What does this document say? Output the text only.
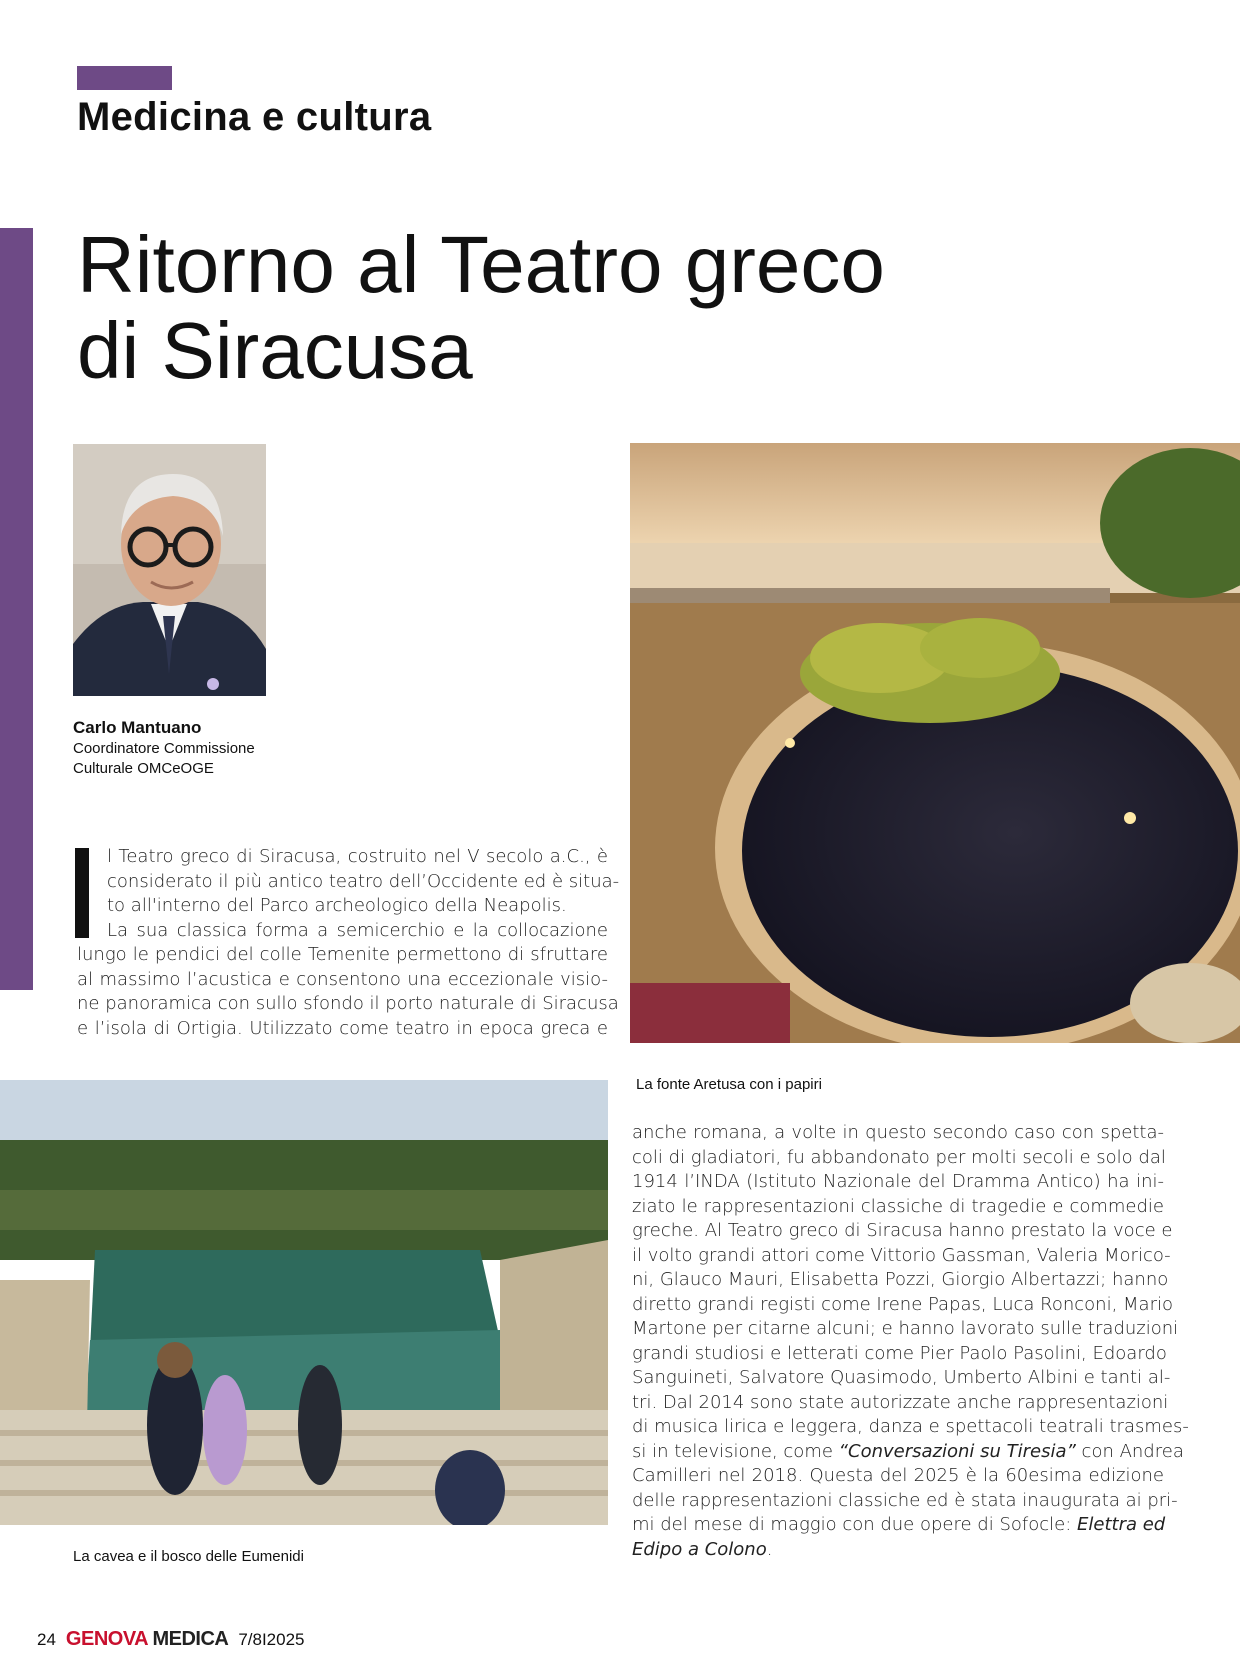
Medicina e cultura
Ritorno al Teatro greco
di Siracusa
Carlo Mantuano
Coordinatore Commissione
Culturale OMCeOGE
l Teatro greco di Siracusa, costruito nel V secolo a.C., è
considerato il più antico teatro dell’Occidente ed è situa-
to all'interno del Parco archeologico della Neapolis.
La sua classica forma a semicerchio e la collocazione
lungo le pendici del colle Temenite permettono di sfruttare
al massimo l’acustica e consentono una eccezionale visio-
ne panoramica con sullo sfondo il porto naturale di Siracusa
e l’isola di Ortigia. Utilizzato come teatro in epoca greca e
La fonte Aretusa con i papiri
La cavea e il bosco delle Eumenidi
anche romana, a volte in questo secondo caso con spetta-
coli di gladiatori, fu abbandonato per molti secoli e solo dal
1914 l’INDA (Istituto Nazionale del Dramma Antico) ha ini-
ziato le rappresentazioni classiche di tragedie e commedie
greche. Al Teatro greco di Siracusa hanno prestato la voce e
il volto grandi attori come Vittorio Gassman, Valeria Morico-
ni, Glauco Mauri, Elisabetta Pozzi, Giorgio Albertazzi; hanno
diretto grandi registi come Irene Papas, Luca Ronconi, Mario
Martone per citarne alcuni; e hanno lavorato sulle traduzioni
grandi studiosi e letterati come Pier Paolo Pasolini, Edoardo
Sanguineti, Salvatore Quasimodo, Umberto Albini e tanti al-
tri. Dal 2014 sono state autorizzate anche rappresentazioni
di musica lirica e leggera, danza e spettacoli teatrali trasmes-
si in televisione, come “Conversazioni su Tiresia” con Andrea
Camilleri nel 2018. Questa del 2025 è la 60esima edizione
delle rappresentazioni classiche ed è stata inaugurata ai pri-
mi del mese di maggio con due opere di Sofocle: Elettra ed
Edipo a Colono.
24 GENOVA MEDICA 7/8I2025
